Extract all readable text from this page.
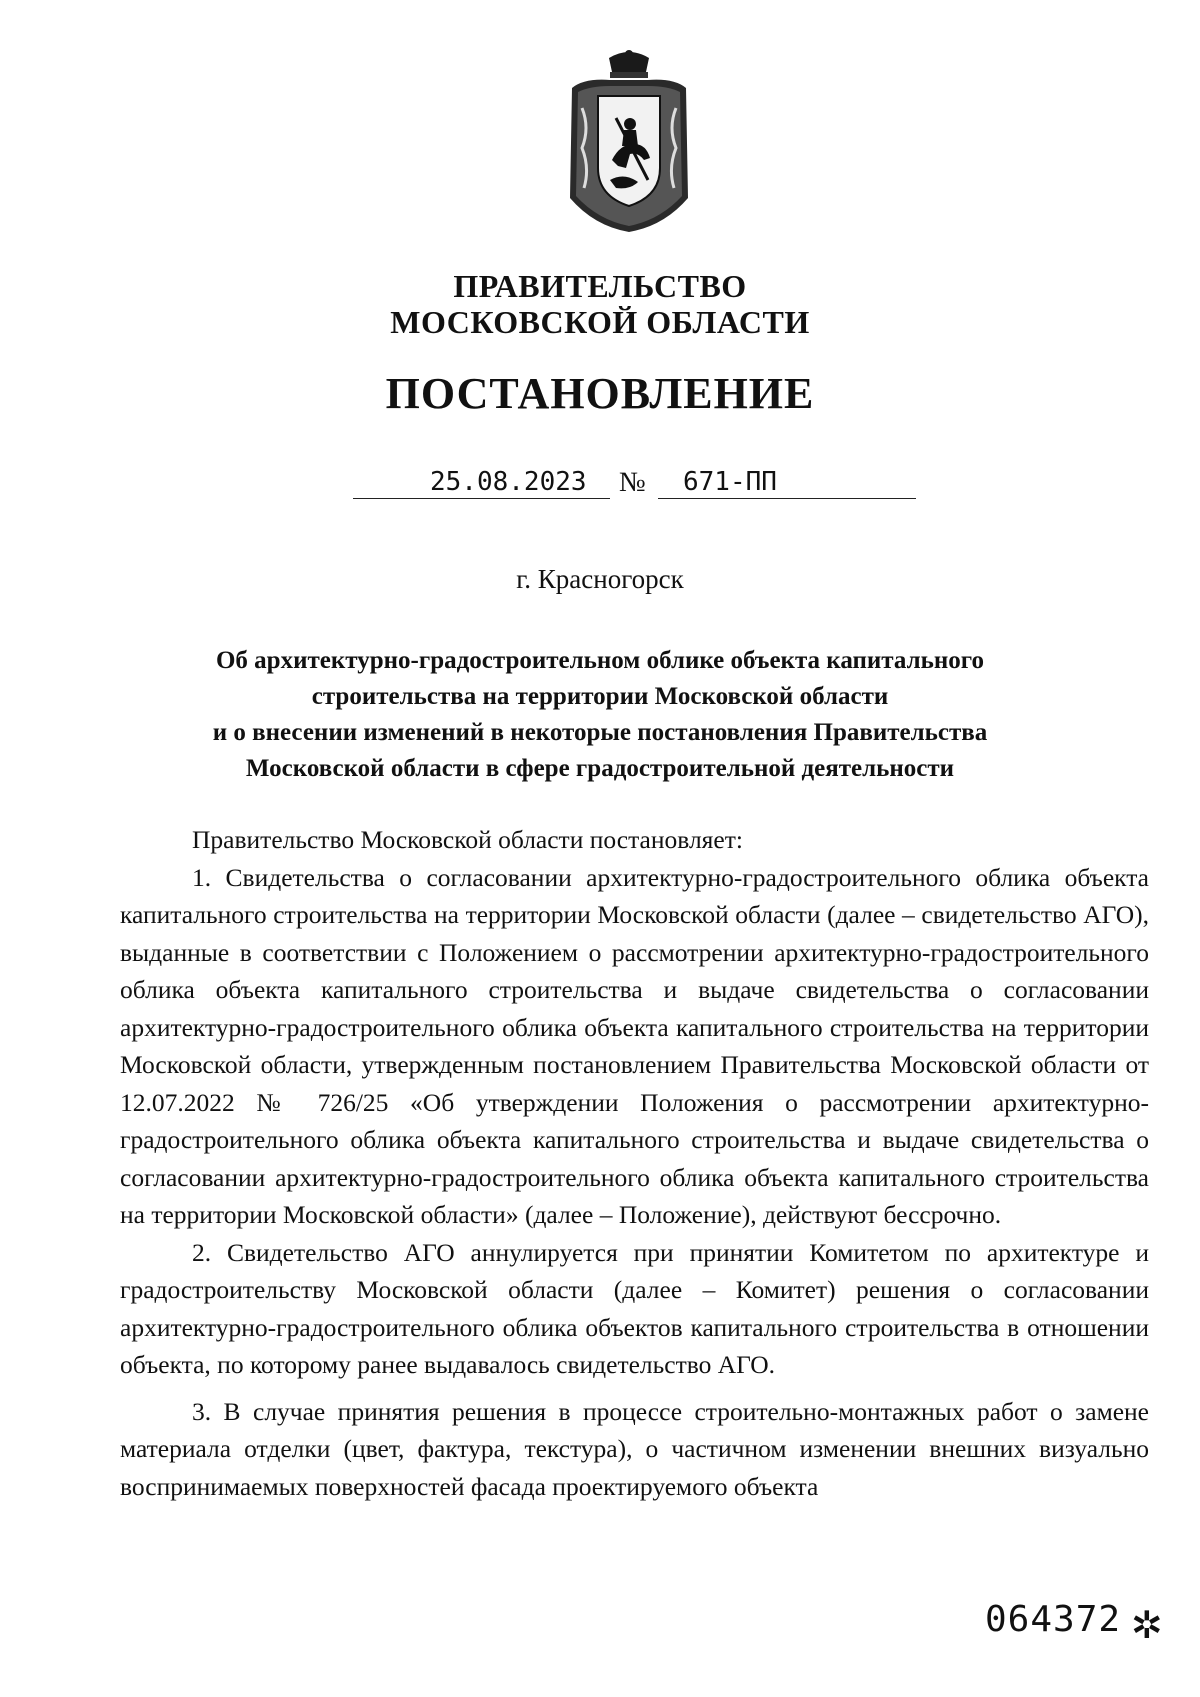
ПРАВИТЕЛЬСТВО
МОСКОВСКОЙ ОБЛАСТИ
ПОСТАНОВЛЕНИЕ
25.08.2023 № 671-ПП
г. Красногорск
Об архитектурно-градостроительном облике объекта капитального
строительства на территории Московской области
и о внесении изменений в некоторые постановления Правительства
Московской области в сфере градостроительной деятельности

Правительство Московской области постановляет:

1. Свидетельства о согласовании архитектурно-градостроительного облика объекта капитального строительства на территории Московской области (далее – свидетельство АГО), выданные в соответствии с Положением о рассмотрении архитектурно-градостроительного облика объекта капитального строительства и выдаче свидетельства о согласовании архитектурно-градостроительного облика объекта капитального строительства на территории Московской области, утвержденным постановлением Правительства Московской области от 12.07.2022 № 726/25 «Об утверждении Положения о рассмотрении архитектурно-градостроительного облика объекта капитального строительства и выдаче свидетельства о согласовании архитектурно-градостроительного облика объекта капитального строительства на территории Московской области» (далее – Положение), действуют бессрочно.

2. Свидетельство АГО аннулируется при принятии Комитетом по архитектуре и градостроительству Московской области (далее – Комитет) решения о согласовании архитектурно-градостроительного облика объектов капитального строительства в отношении объекта, по которому ранее выдавалось свидетельство АГО.

3. В случае принятия решения в процессе строительно-монтажных работ о замене материала отделки (цвет, фактура, текстура), о частичном изменении внешних визуально воспринимаемых поверхностей фасада проектируемого объекта

064372 ✲
